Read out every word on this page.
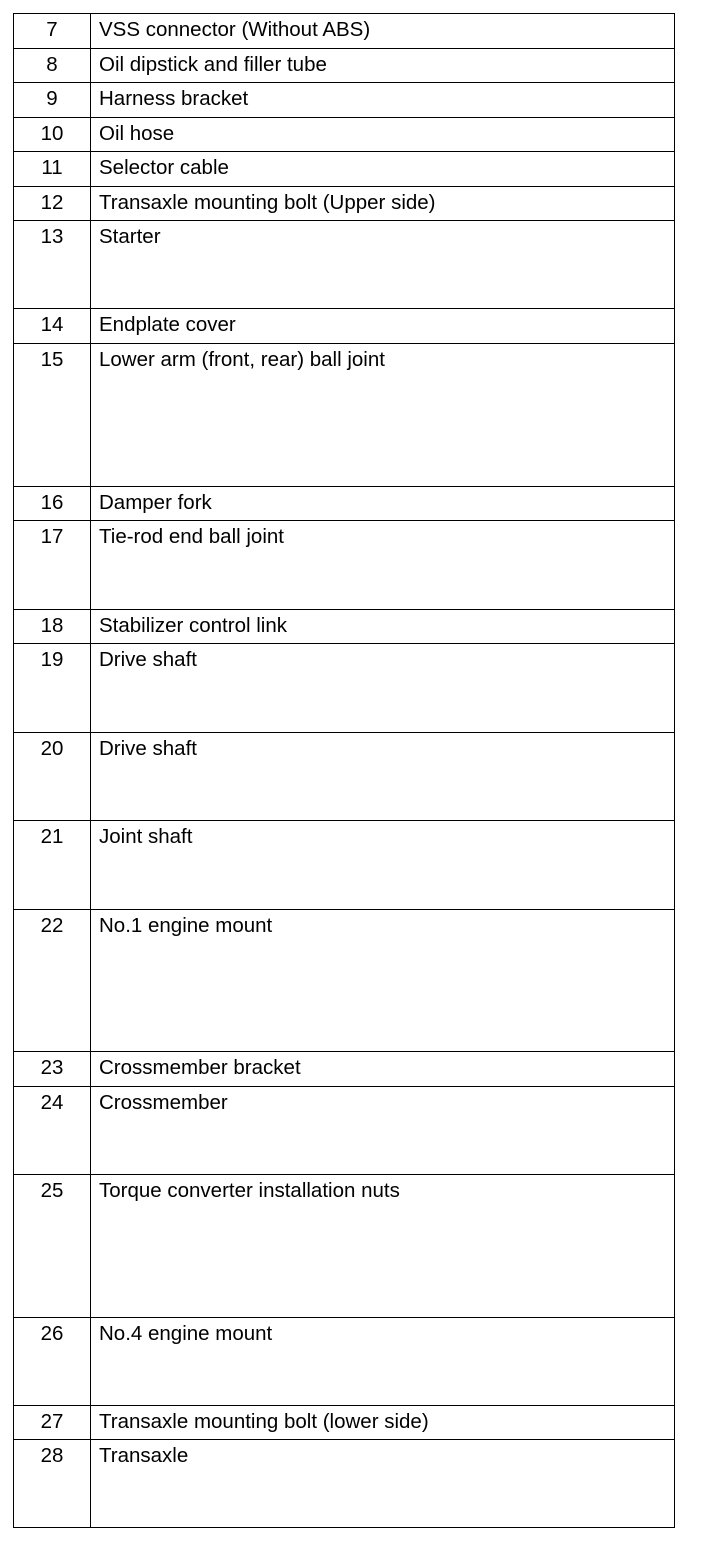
7	VSS connector (Without ABS)
8	Oil dipstick and filler tube
9	Harness bracket
10	Oil hose
11	Selector cable
12	Transaxle mounting bolt (Upper side)
13	Starter
14	Endplate cover
15	Lower arm (front, rear) ball joint
16	Damper fork
17	Tie-rod end ball joint
18	Stabilizer control link
19	Drive shaft
20	Drive shaft
21	Joint shaft
22	No.1 engine mount
23	Crossmember bracket
24	Crossmember
25	Torque converter installation nuts
26	No.4 engine mount
27	Transaxle mounting bolt (lower side)
28	Transaxle
